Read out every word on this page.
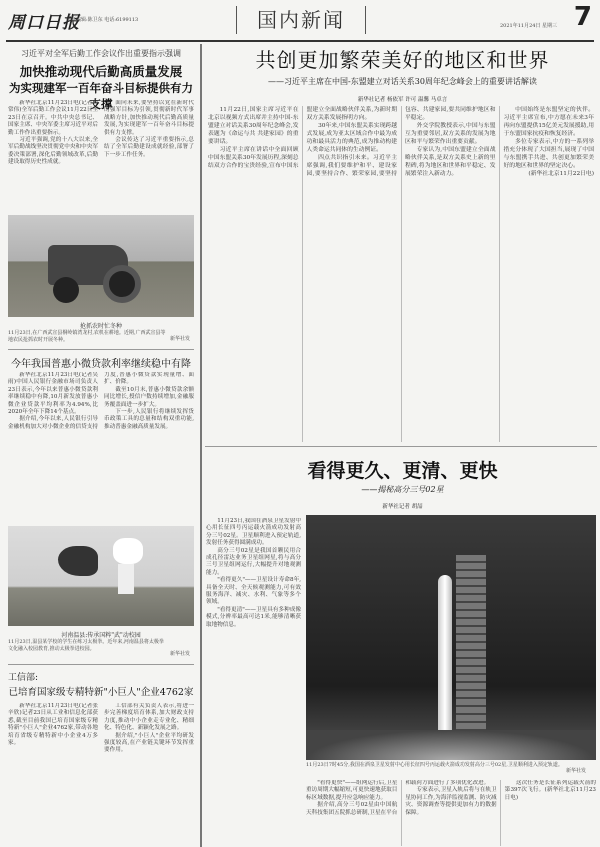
周口日报
值班编辑:陈卫东 电话:6199113	国内新闻	2021年11月24日 星期三 7
习近平对全军后勤工作会议作出重要指示强调
加快推动现代后勤高质量发展
为实现建军一百年奋斗目标提供有力支撑

新华社北京11月23日电(记者梅常伟)全军后勤工作会议11月22日至23日在京召开。中共中央总书记、国家主席、中央军委主席习近平对后勤工作作出重要指示。

习近平强调,党的十八大以来,全军后勤战线坚决贯彻党中央和中央军委决策部署,深化后勤领域改革,后勤建设取得历史性成就。

面向未来,要坚持以党在新时代的强军目标为引领,贯彻新时代军事战略方针,加快推动现代后勤高质量发展,为实现建军一百年奋斗目标提供有力支撑。

会议传达了习近平重要指示,总结了全军后勤建设成就经验,部署了下一步工作任务。

抢抓农时忙冬种
11月23日,在广西武宣县桐岭镇湾龙村,农机在耕地。近期,广西武宣县等地农民抢抓农时开展冬种。	新华社发
今年我国普惠小微贷款利率继续稳中有降

新华社北京11月23日电(记者吴雨)中国人民银行金融市场司负责人23日表示,今年以来普惠小微贷款利率继续稳中有降,10月新发放普惠小微企业贷款平均利率为4.94%,比2020年全年下降14个基点。

据介绍,今年以来,人民银行引导金融机构加大对小微企业的信贷支持力度,普惠小微贷款实现量增、面扩、价降。

截至10月末,普惠小微贷款余额同比增长,授信户数持续增加,金融服务覆盖面进一步扩大。

下一步,人民银行将继续发挥货币政策工具的总量和结构双重功能,推动普惠金融高质量发展。

河南温县:传承国粹"武"动校园
11月23日,温县某学校的学生在练习太极拳。近年来,河南温县将太极拳文化融入校园教育,推动太极拳进校园。
新华社发
工信部:
已培育国家级专精特新"小巨人"企业4762家

新华社北京11月23日电(记者张辛欣)记者23日从工业和信息化部获悉,截至目前我国已培育国家级专精特新"小巨人"企业4762家,带动各地培育省级专精特新中小企业4万多家。

工信部有关负责人表示,将进一步完善梯度培育体系,加大财政支持力度,推动中小企业走专业化、精细化、特色化、新颖化发展之路。

据介绍,"小巨人"企业平均研发强度较高,在产业链关键环节发挥重要作用。

共创更加繁荣美好的地区和世界
——习近平主席在中国-东盟建立对话关系30周年纪念峰会上的重要讲话解读
新华社记者 杨依军 许可 温馨 马卓言

11月22日,国家主席习近平在北京以视频方式出席并主持中国-东盟建立对话关系30周年纪念峰会,发表题为《命运与共 共建家园》的重要讲话。

习近平主席在讲话中全面回顾中国东盟关系30年发展历程,深刻总结双方合作的宝贵经验,宣布中国东盟建立全面战略伙伴关系,为新时期双方关系发展指明方向。

30年来,中国东盟关系实现跨越式发展,成为亚太区域合作中最为成功和最具活力的典范,成为推动构建人类命运共同体的生动例证。

四点共识指引未来。习近平主席强调,我们要维护和平、建设家园,要坚持合作、繁荣家园,要坚持包容、共建家园,要共同维护地区和平稳定。

外交学院教授表示,中国与东盟互为重要邻居,双方关系的发展为地区和平与繁荣作出重要贡献。

专家认为,中国东盟建立全面战略伙伴关系,是双方关系史上新的里程碑,将为地区和世界和平稳定、发展繁荣注入新动力。

中国始终是东盟坚定的伙伴。习近平主席宣布,中方愿在未来3年再向东盟提供15亿美元发展援助,用于东盟国家抗疫和恢复经济。

多位专家表示,中方的一系列举措充分体现了大国担当,展现了中国与东盟携手共进、共创更加繁荣美好的地区和世界的坚定决心。

(新华社北京11月22日电)

看得更久、更清、更快
——揭秘高分三号02星
新华社记者 胡喆

11月23日,我国在酒泉卫星发射中心用长征四号丙运载火箭成功发射高分三号02星。卫星顺利进入预定轨道,发射任务获得圆满成功。

高分三号02星是我国首颗民用合成孔径雷达业务卫星组网星,将与高分三号卫星组网运行,大幅提升对地观测能力。

"看得更久"——卫星设计寿命8年,具备全天时、全天候观测能力,可有效服务海洋、减灾、水利、气象等多个领域。

"看得更清"——卫星具有多种成像模式,分辨率最高可达1米,能够清晰获取地物信息。

11月23日7时45分,我国在酒泉卫星发射中心用长征四号丙运载火箭成功发射高分三号02星,卫星顺利进入预定轨道。
新华社发

"看得更快"——组网运行后,卫星重访周期大幅缩短,可更快速地获取目标区域数据,提升应急响应能力。

据介绍,高分三号02星由中国航天科技集团五院抓总研制,卫星在平台和载荷方面进行了多项优化改进。

专家表示,卫星入轨后将与在轨卫星协同工作,为海洋监视监测、防灾减灾、资源调查等提供更加有力的数据保障。

这次任务是长征系列运载火箭的第397次飞行。(新华社北京11月23日电)
